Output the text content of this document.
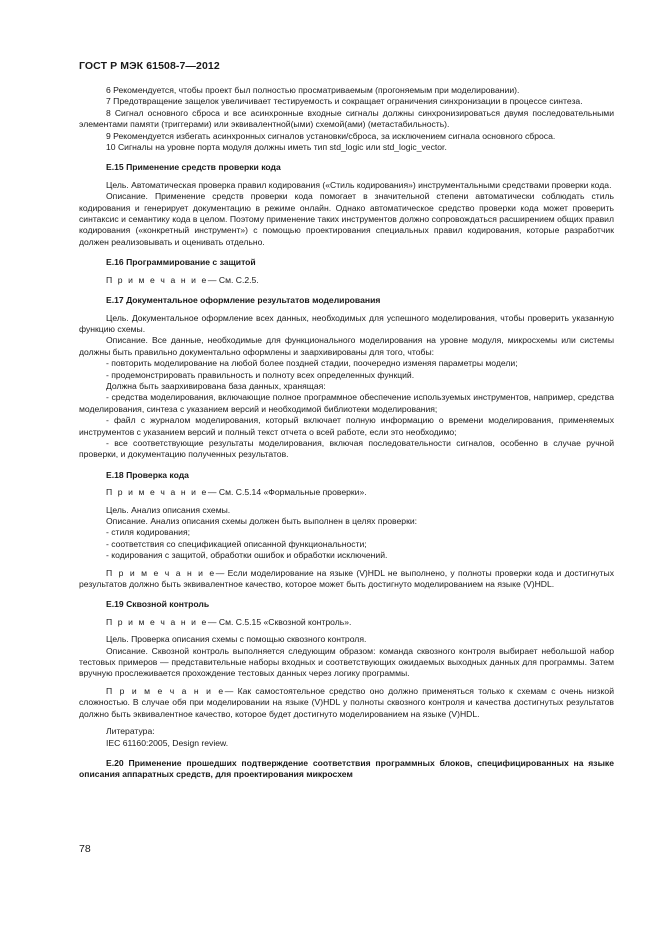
ГОСТ Р МЭК 61508-7—2012

6 Рекомендуется, чтобы проект был полностью просматриваемым (прогоняемым при моделировании).

7 Предотвращение защелок увеличивает тестируемость и сокращает ограничения синхронизации в процессе синтеза.

8 Сигнал основного сброса и все асинхронные входные сигналы должны синхронизироваться двумя последовательными элементами памяти (триггерами) или эквивалентной(ыми) схемой(ами) (метастабильность).

9 Рекомендуется избегать асинхронных сигналов установки/сброса, за исключением сигнала основного сброса.

10 Сигналы на уровне порта модуля должны иметь тип std_logic или std_logic_vector.

Е.15 Применение средств проверки кода

Цель. Автоматическая проверка правил кодирования («Стиль кодирования») инструментальными средствами проверки кода.

Описание. Применение средств проверки кода помогает в значительной степени автоматически соблюдать стиль кодирования и генерирует документацию в режиме онлайн. Однако автоматическое средство проверки кода может проверить синтаксис и семантику кода в целом. Поэтому применение таких инструментов должно сопровождаться расширением общих правил кодирования («конкретный инструмент») с помощью проектирования специальных правил кодирования, которые разработчик должен реализовывать и оценивать отдельно.

Е.16 Программирование с защитой

П р и м е ч а н и е— См. С.2.5.

Е.17 Документальное оформление результатов моделирования

Цель. Документальное оформление всех данных, необходимых для успешного моделирования, чтобы проверить указанную функцию схемы.

Описание. Все данные, необходимые для функционального моделирования на уровне модуля, микросхемы или системы должны быть правильно документально оформлены и заархивированы для того, чтобы:

- повторить моделирование на любой более поздней стадии, поочередно изменяя параметры модели;

- продемонстрировать правильность и полноту всех определенных функций.

Должна быть заархивирована база данных, хранящая:

- средства моделирования, включающие полное программное обеспечение используемых инструментов, например, средства моделирования, синтеза с указанием версий и необходимой библиотеки моделирования;

- файл с журналом моделирования, который включает полную информацию о времени моделирования, применяемых инструментов с указанием версий и полный текст отчета о всей работе, если это необходимо;

- все соответствующие результаты моделирования, включая последовательности сигналов, особенно в случае ручной проверки, и документацию полученных результатов.

Е.18 Проверка кода

П р и м е ч а н и е— См. С.5.14 «Формальные проверки».

Цель. Анализ описания схемы.

Описание. Анализ описания схемы должен быть выполнен в целях проверки:

- стиля кодирования;

- соответствия со спецификацией описанной функциональности;

- кодирования с защитой, обработки ошибок и обработки исключений.

П р и м е ч а н и е— Если моделирование на языке (V)HDL не выполнено, у полноты проверки кода и достигнутых результатов должно быть эквивалентное качество, которое может быть достигнуто моделированием на языке (V)HDL.

Е.19 Сквозной контроль

П р и м е ч а н и е— См. С.5.15 «Сквозной контроль».

Цель. Проверка описания схемы с помощью сквозного контроля.

Описание. Сквозной контроль выполняется следующим образом: команда сквозного контроля выбирает небольшой набор тестовых примеров — представительные наборы входных и соответствующих ожидаемых выходных данных для программы. Затем вручную прослеживается прохождение тестовых данных через логику программы.

П р и м е ч а н и е— Как самостоятельное средство оно должно применяться только к схемам с очень низкой сложностью. В случае обя при моделировании на языке (V)HDL у полноты сквозного контроля и качества достигнутых результатов должно быть эквивалентное качество, которое будет достигнуто моделированием на языке (V)HDL.

Литература:

IEC 61160:2005, Design review.

Е.20 Применение прошедших подтверждение соответствия программных блоков, специфицированных на языке описания аппаратных средств, для проектирования микросхем
78
